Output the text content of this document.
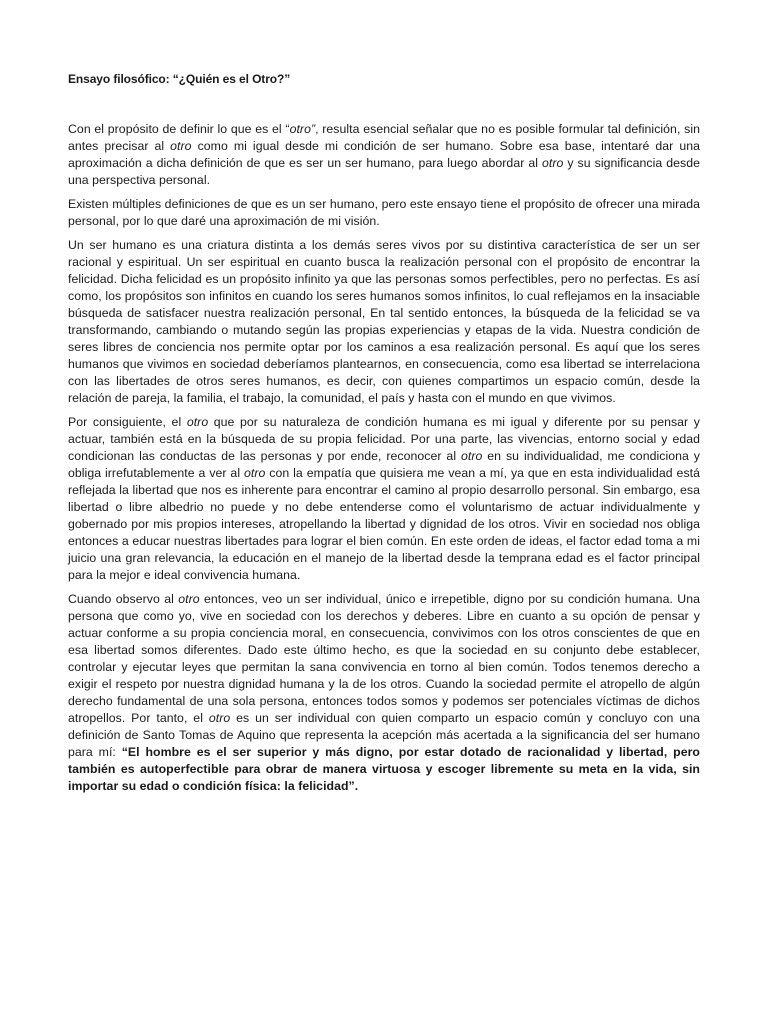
Ensayo filosófico: “¿Quién es el Otro?”

Con el propósito de definir lo que es el “otro”, resulta esencial señalar que no es posible formular tal definición, sin antes precisar al otro como mi igual desde mi condición de ser humano. Sobre esa base, intentaré dar una aproximación a dicha definición de que es ser un ser humano, para luego abordar al otro y su significancia desde una perspectiva personal.

Existen múltiples definiciones de que es un ser humano, pero este ensayo tiene el propósito de ofrecer una mirada personal, por lo que daré una aproximación de mi visión.

Un ser humano es una criatura distinta a los demás seres vivos por su distintiva característica de ser un ser racional y espiritual. Un ser espiritual en cuanto busca la realización personal con el propósito de encontrar la felicidad. Dicha felicidad es un propósito infinito ya que las personas somos perfectibles, pero no perfectas. Es así como, los propósitos son infinitos en cuando los seres humanos somos infinitos, lo cual reflejamos en la insaciable búsqueda de satisfacer nuestra realización personal, En tal sentido entonces, la búsqueda de la felicidad se va transformando, cambiando o mutando según las propias experiencias y etapas de la vida. Nuestra condición de seres libres de conciencia nos permite optar por los caminos a esa realización personal. Es aquí que los seres humanos que vivimos en sociedad deberíamos plantearnos, en consecuencia, como esa libertad se interrelaciona con las libertades de otros seres humanos, es decir, con quienes compartimos un espacio común, desde la relación de pareja, la familia, el trabajo, la comunidad, el país y hasta con el mundo en que vivimos.

Por consiguiente, el otro que por su naturaleza de condición humana es mi igual y diferente por su pensar y actuar, también está en la búsqueda de su propia felicidad. Por una parte, las vivencias, entorno social y edad condicionan las conductas de las personas y por ende, reconocer al otro en su individualidad, me condiciona y obliga irrefutablemente a ver al otro con la empatía que quisiera me vean a mí, ya que en esta individualidad está reflejada la libertad que nos es inherente para encontrar el camino al propio desarrollo personal. Sin embargo, esa libertad o libre albedrio no puede y no debe entenderse como el voluntarismo de actuar individualmente y gobernado por mis propios intereses, atropellando la libertad y dignidad de los otros. Vivir en sociedad nos obliga entonces a educar nuestras libertades para lograr el bien común. En este orden de ideas, el factor edad toma a mi juicio una gran relevancia, la educación en el manejo de la libertad desde la temprana edad es el factor principal para la mejor e ideal convivencia humana.

Cuando observo al otro entonces, veo un ser individual, único e irrepetible, digno por su condición humana. Una persona que como yo, vive en sociedad con los derechos y deberes. Libre en cuanto a su opción de pensar y actuar conforme a su propia conciencia moral, en consecuencia, convivimos con los otros conscientes de que en esa libertad somos diferentes. Dado este último hecho, es que la sociedad en su conjunto debe establecer, controlar y ejecutar leyes que permitan la sana convivencia en torno al bien común. Todos tenemos derecho a exigir el respeto por nuestra dignidad humana y la de los otros. Cuando la sociedad permite el atropello de algún derecho fundamental de una sola persona, entonces todos somos y podemos ser potenciales víctimas de dichos atropellos. Por tanto, el otro es un ser individual con quien comparto un espacio común y concluyo con una definición de Santo Tomas de Aquino que representa la acepción más acertada a la significancia del ser humano para mí: “El hombre es el ser superior y más digno, por estar dotado de racionalidad y libertad, pero también es autoperfectible para obrar de manera virtuosa y escoger libremente su meta en la vida, sin importar su edad o condición física: la felicidad”.
